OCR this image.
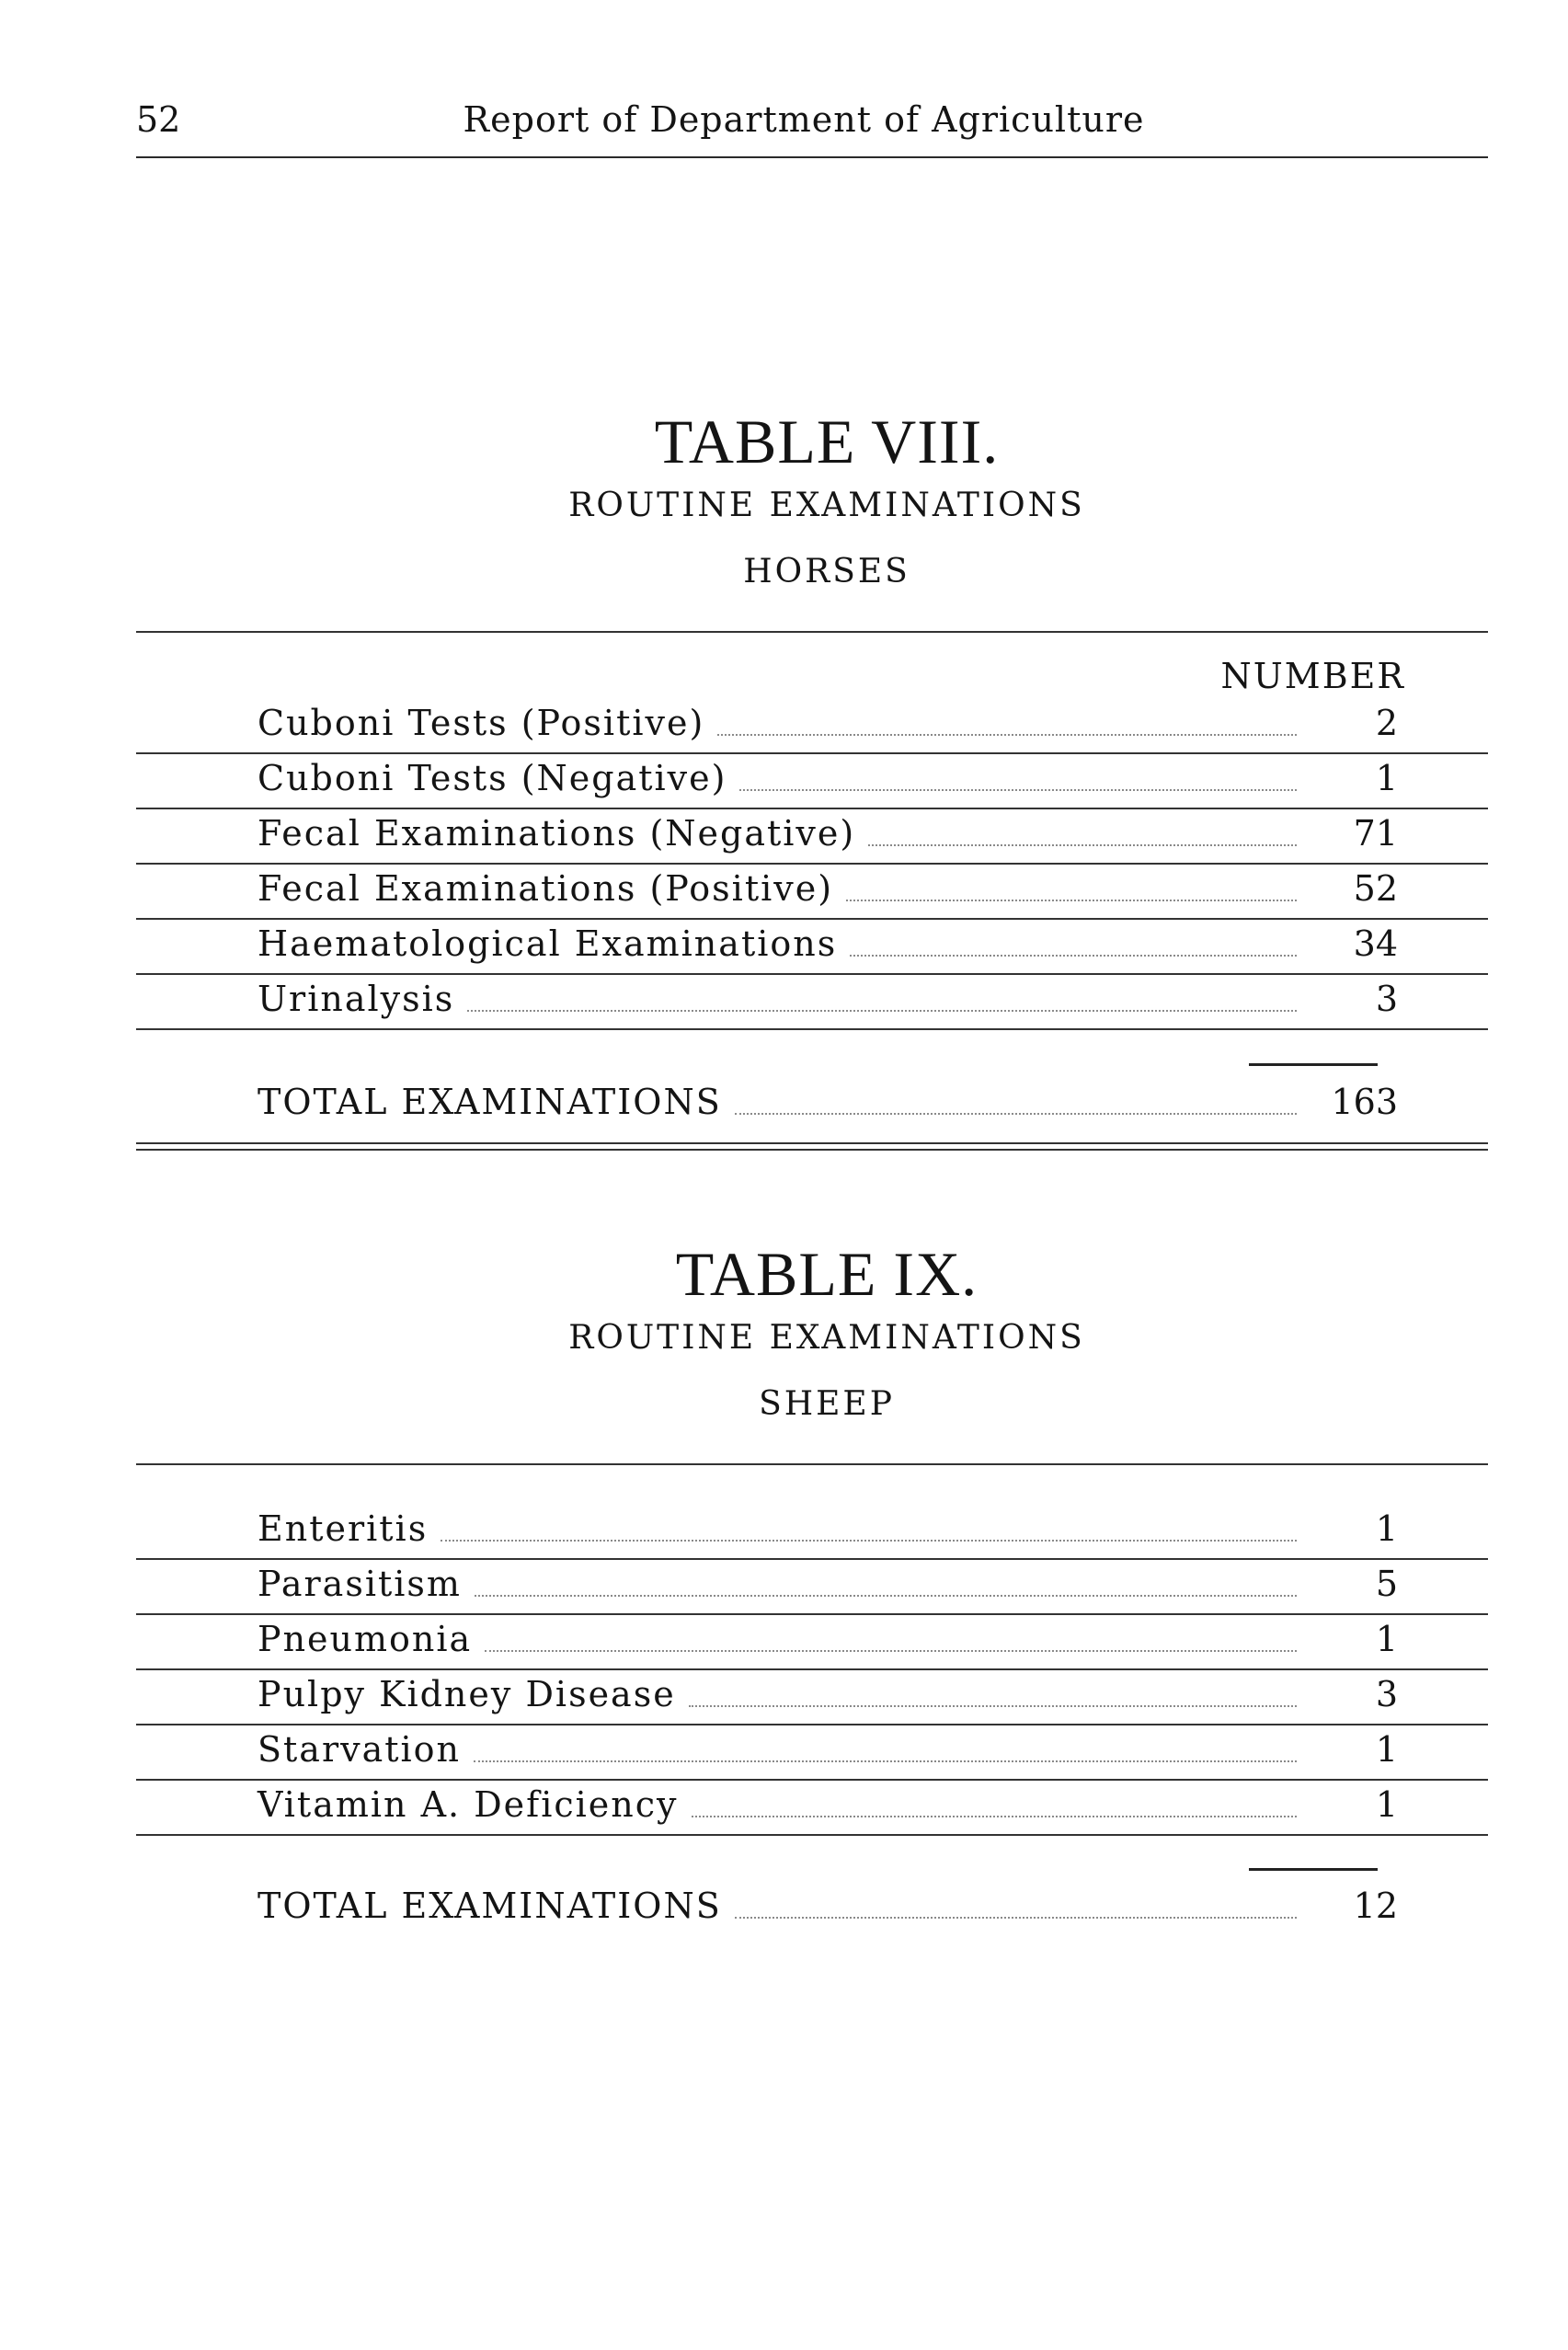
52	Report of Department of Agriculture
TABLE VIII.
ROUTINE EXAMINATIONS
HORSES
NUMBER
Cuboni Tests (Positive)	2
Cuboni Tests (Negative)	1
Fecal Examinations (Negative)	71
Fecal Examinations (Positive)	52
Haematological Examinations	34
Urinalysis	3
TOTAL EXAMINATIONS	163
TABLE IX.
ROUTINE EXAMINATIONS
SHEEP
Enteritis	1
Parasitism	5
Pneumonia	1
Pulpy Kidney Disease	3
Starvation	1
Vitamin A. Deficiency	1
TOTAL EXAMINATIONS	12
